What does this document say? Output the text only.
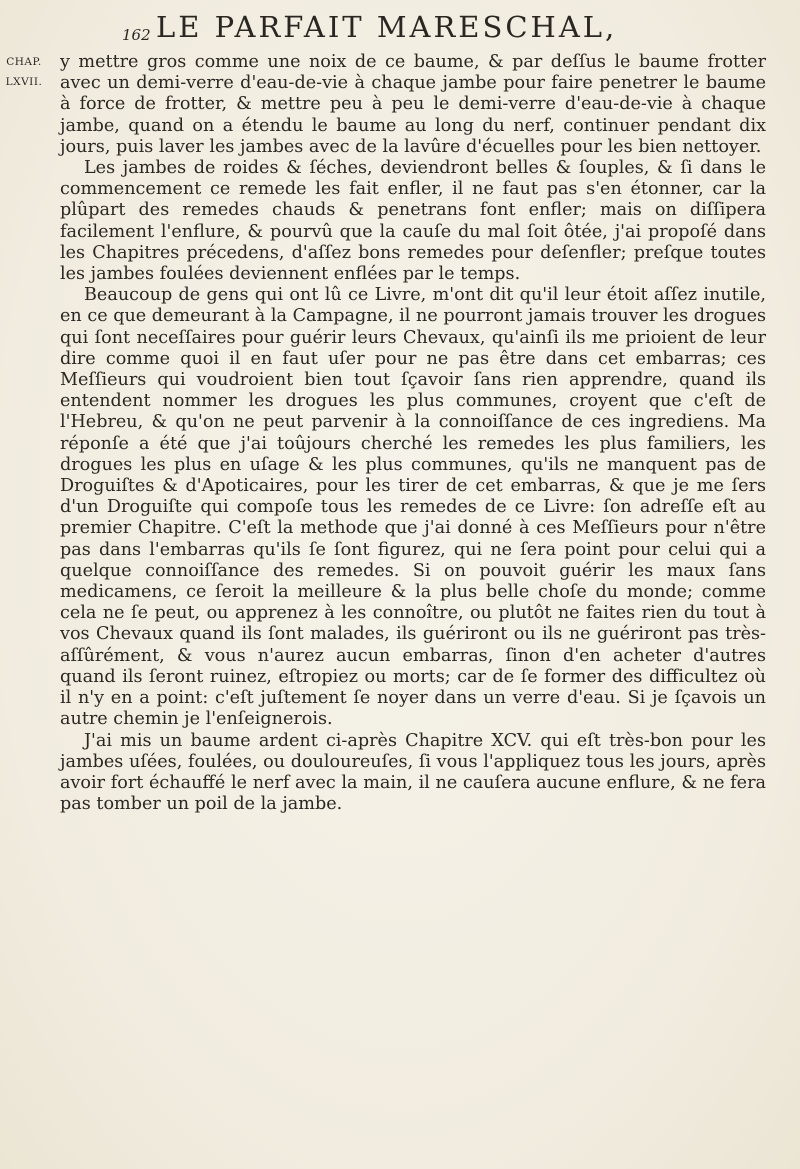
162 LE PARFAIT MARESCHAL,
CHAP.
LXVII.

y mettre gros comme une noix de ce baume, & par deſſus le baume frotter avec un demi-verre d'eau-de-vie à chaque jambe pour faire penetrer le baume à force de frotter, & mettre peu à peu le demi-verre d'eau-de-vie à chaque jambe, quand on a étendu le baume au long du nerf, continuer pendant dix jours, puis laver les jambes avec de la lavûre d'écuelles pour les bien nettoyer.

Les jambes de roides & ſéches, deviendront belles & ſouples, & ſi dans le commencement ce remede les fait enfler, il ne faut pas s'en étonner, car la plûpart des remedes chauds & penetrans font enfler; mais on diſſipera facilement l'enflure, & pourvû que la cauſe du mal ſoit ôtée, j'ai propoſé dans les Chapitres précedens, d'aſſez bons remedes pour deſenfler; preſque toutes les jambes foulées deviennent enflées par le temps.

Beaucoup de gens qui ont lû ce Livre, m'ont dit qu'il leur étoit aſſez inutile, en ce que demeurant à la Campagne, il ne pourront jamais trouver les drogues qui ſont neceſſaires pour guérir leurs Chevaux, qu'ainſi ils me prioient de leur dire comme quoi il en faut uſer pour ne pas être dans cet embarras; ces Meſſieurs qui voudroient bien tout ſçavoir ſans rien apprendre, quand ils entendent nommer les drogues les plus communes, croyent que c'eſt de l'Hebreu, & qu'on ne peut parvenir à la connoiſſance de ces ingrediens. Ma réponſe a été que j'ai toûjours cherché les remedes les plus familiers, les drogues les plus en uſage & les plus communes, qu'ils ne manquent pas de Droguiſtes & d'Apoticaires, pour les tirer de cet embarras, & que je me ſers d'un Droguiſte qui compoſe tous les remedes de ce Livre: ſon adreſſe eſt au premier Chapitre. C'eſt la methode que j'ai donné à ces Meſſieurs pour n'être pas dans l'embarras qu'ils ſe ſont figurez, qui ne ſera point pour celui qui a quelque connoiſſance des remedes. Si on pouvoit guérir les maux ſans medicamens, ce ſeroit la meilleure & la plus belle choſe du monde; comme cela ne ſe peut, ou apprenez à les connoître, ou plutôt ne faites rien du tout à vos Chevaux quand ils ſont malades, ils guériront ou ils ne guériront pas très-aſſûrément, & vous n'aurez aucun embarras, ſinon d'en acheter d'autres quand ils ſeront ruinez, eſtropiez ou morts; car de ſe former des difficultez où il n'y en a point: c'eſt juſtement ſe noyer dans un verre d'eau. Si je ſçavois un autre chemin je l'enſeignerois.

J'ai mis un baume ardent ci-après Chapitre XCV. qui eſt très-bon pour les jambes uſées, foulées, ou douloureuſes, ſi vous l'appliquez tous les jours, après avoir fort échauffé le nerf avec la main, il ne cauſera aucune enflure, & ne fera pas tomber un poil de la jambe.
